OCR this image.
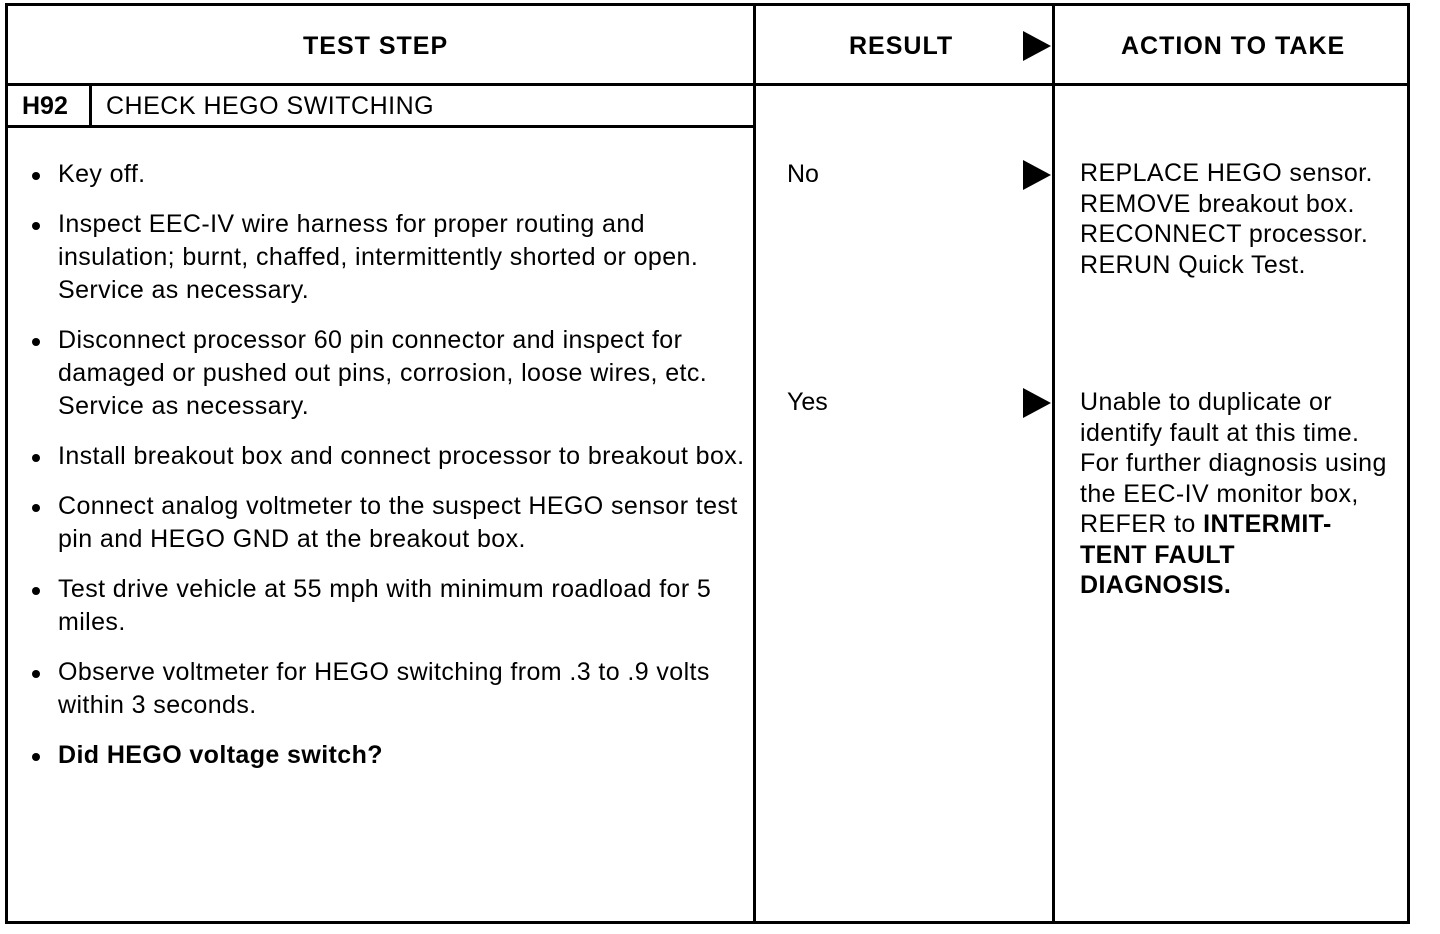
TEST STEP	RESULT	ACTION TO TAKE
H92 CHECK HEGO SWITCHING
Key off.
Inspect EEC-IV wire harness for proper routing and insulation; burnt, chaffed, intermittently shorted or open. Service as necessary.
Disconnect processor 60 pin connector and inspect for damaged or pushed out pins, corrosion, loose wires, etc. Service as necessary.
Install breakout box and connect processor to breakout box.
Connect analog voltmeter to the suspect HEGO sensor test pin and HEGO GND at the breakout box.
Test drive vehicle at 55 mph with minimum roadload for 5 miles.
Observe voltmeter for HEGO switching from .3 to .9 volts within 3 seconds.
Did HEGO voltage switch?
No	REPLACE HEGO sensor. REMOVE breakout box. RECONNECT processor. RERUN Quick Test.
Yes	Unable to duplicate or identify fault at this time. For further diagnosis using the EEC-IV monitor box, REFER to INTERMIT-TENT FAULT DIAGNOSIS.
